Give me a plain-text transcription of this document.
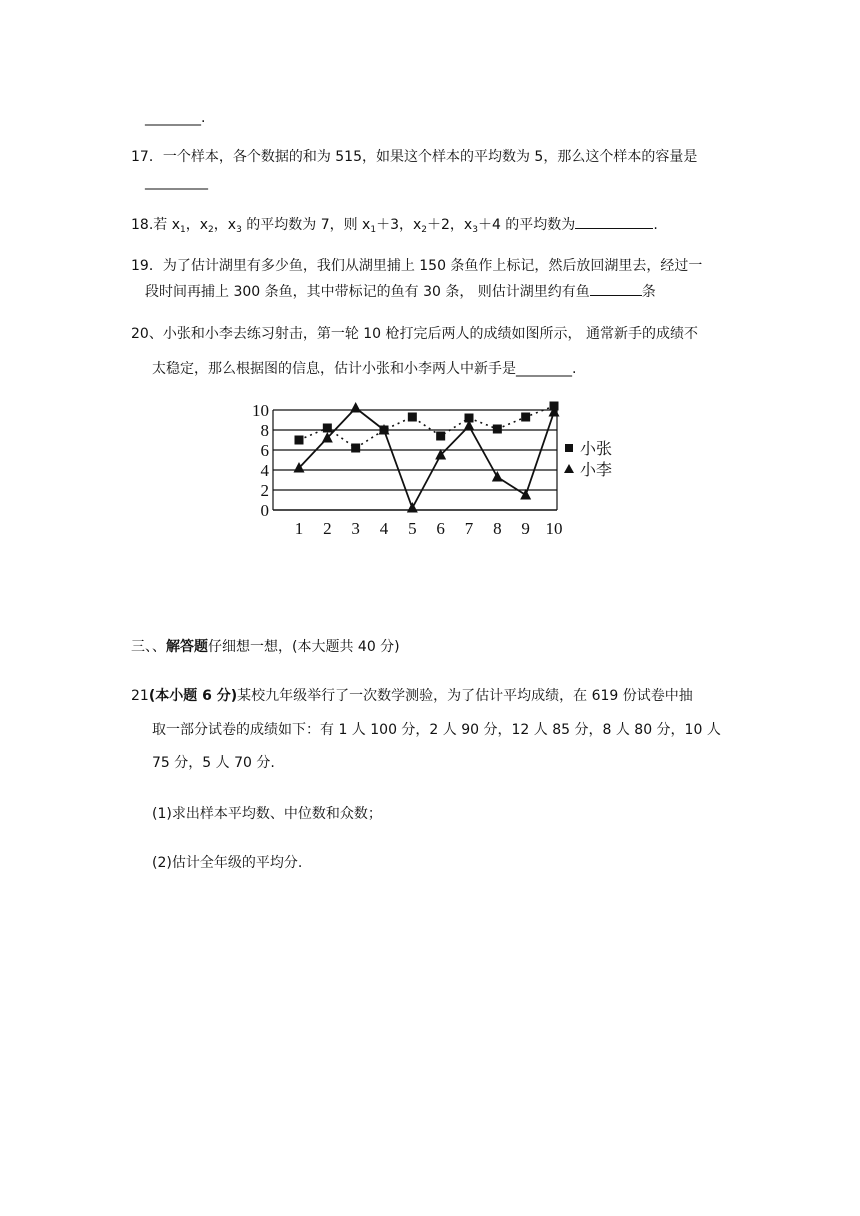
________.
17．一个样本，各个数据的和为 515，如果这个样本的平均数为 5，那么这个样本的容量是
_________
18.若 $x_1$，$x_2$，$x_3$ 的平均数为 7，则 $x_1+3$，$x_2+2$，$x_3+4$ 的平均数为	.
19．为了估计湖里有多少鱼，我们从湖里捕上 150 条鱼作上标记，然后放回湖里去，经过一
段时间再捕上 300 条鱼，其中带标记的鱼有 30 条， 则估计湖里约有鱼	条
20、小张和小李去练习射击，第一轮 10 枪打完后两人的成绩如图所示， 通常新手的成绩不
太稳定，那么根据图的信息，估计小张和小李两人中新手是________.
0
2
4
6
8
10
1 2 3 4 5 6 7 8 9 10
小张
小李
三、、解答题仔细想一想，(本大题共 40 分)
21(本小题 6 分)某校九年级举行了一次数学测验，为了估计平均成绩，在 619 份试卷中抽
取一部分试卷的成绩如下：有 1 人 100 分，2 人 90 分，12 人 85 分，8 人 80 分，10 人
75 分，5 人 70 分.
(1)求出样本平均数、中位数和众数；
(2)估计全年级的平均分.
